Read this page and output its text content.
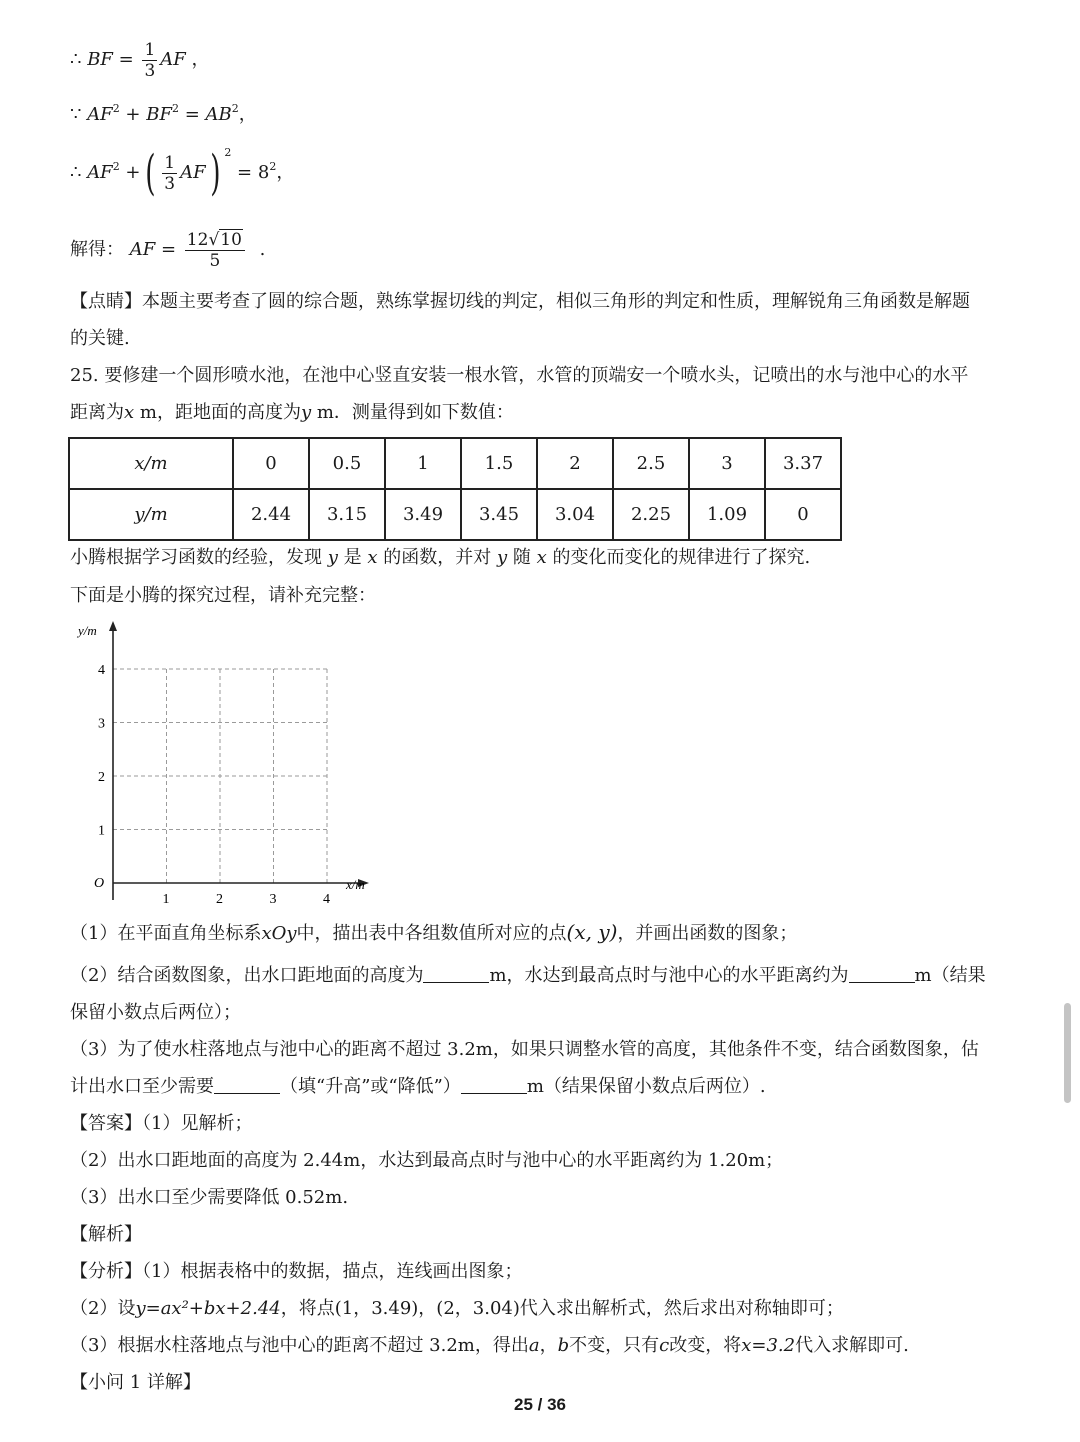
∴ BF = $\frac{1}{3}$ AF ，
∵ $AF^2 + BF^2 = AB^2$，
∴ $AF^2$ +( $\frac{1}{3} AF$) $^2 = 8^2$，
解得： AF = $\frac{12√10}{5}$ .
【点睛】本题主要考查了圆的综合题，熟练掌握切线的判定，相似三角形的判定和性质，理解锐角三角函数是解题
的关键.
25. 要修建一个圆形喷水池，在池中心竖直安装一根水管，水管的顶端安一个喷水头，记喷出的水与池中心的水平
距离为x m，距地面的高度为y m．测量得到如下数值：
x/m	0	0.5	1	1.5	2	2.5	3	3.37
y/m	2.44	3.15	3.49	3.45	3.04	2.25	1.09	0
小腾根据学习函数的经验，发现 y 是 x 的函数，并对 y 随 x 的变化而变化的规律进行了探究.
下面是小腾的探究过程，请补充完整：
1	2	3	4
1
2
3
4
O	x/m
y/m
（1）在平面直角坐标系xOy中，描出表中各组数值所对应的点(x, y)，并画出函数的图象；
（2）结合函数图象，出水口距地面的高度为	m，水达到最高点时与池中心的水平距离约为	m（结果
保留小数点后两位）；
（3）为了使水柱落地点与池中心的距离不超过 3.2m，如果只调整水管的高度，其他条件不变，结合函数图象，估
计出水口至少需要	（填“升高”或“降低”）	m（结果保留小数点后两位）.
【答案】（1）见解析；
（2）出水口距地面的高度为 2.44m，水达到最高点时与池中心的水平距离约为 1.20m；
（3）出水口至少需要降低 0.52m.
【解析】
【分析】（1）根据表格中的数据，描点，连线画出图象；
（2）设y=ax²+bx+2.44，将点(1，3.49)，(2，3.04)代入求出解析式，然后求出对称轴即可；
（3）根据水柱落地点与池中心的距离不超过 3.2m，得出a，b不变，只有c改变，将x=3.2代入求解即可.
【小问 1 详解】
25 / 36
